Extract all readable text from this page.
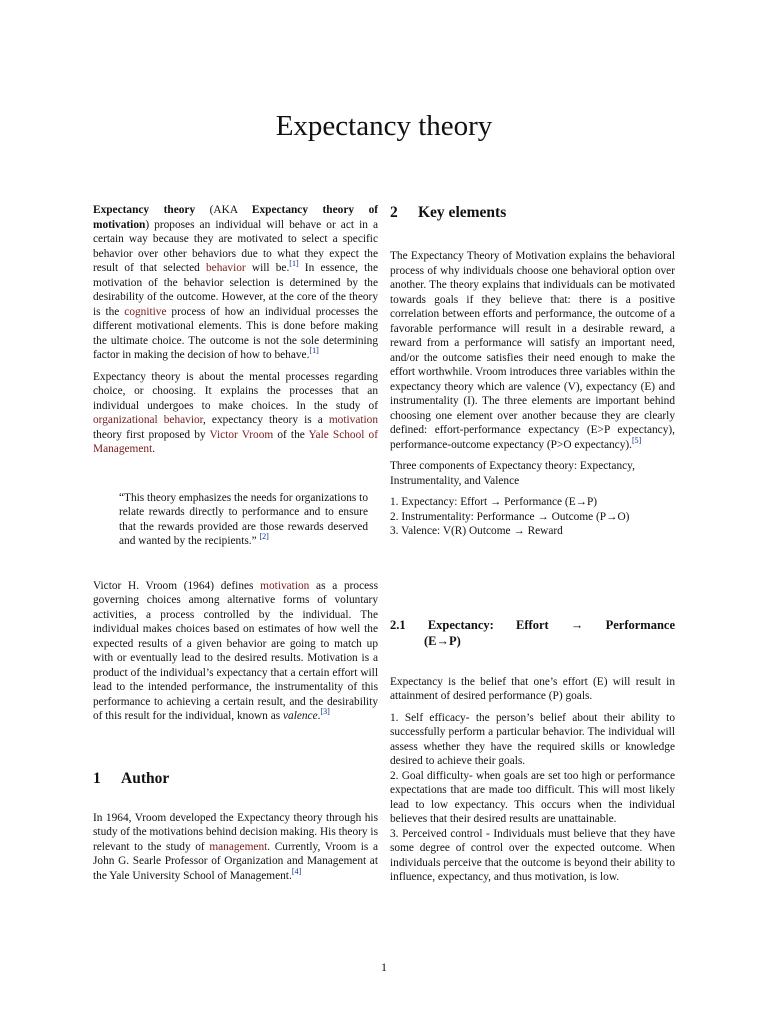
Expectancy theory

Expectancy theory (AKA Expectancy theory of motivation) proposes an individual will behave or act in a certain way because they are motivated to select a specific behavior over other behaviors due to what they expect the result of that selected behavior will be.[1] In essence, the motivation of the behavior selection is determined by the desirability of the outcome. However, at the core of the theory is the cognitive process of how an individual processes the different motivational elements. This is done before making the ultimate choice. The outcome is not the sole determining factor in making the decision of how to behave.[1]

Expectancy theory is about the mental processes regarding choice, or choosing. It explains the processes that an individual undergoes to make choices. In the study of organizational behavior, expectancy theory is a motivation theory first proposed by Victor Vroom of the Yale School of Management.

“This theory emphasizes the needs for organizations to relate rewards directly to performance and to ensure that the rewards provided are those rewards deserved and wanted by the recipients.” [2]

Victor H. Vroom (1964) defines motivation as a process governing choices among alternative forms of voluntary activities, a process controlled by the individual. The individual makes choices based on estimates of how well the expected results of a given behavior are going to match up with or eventually lead to the desired results. Motivation is a product of the individual’s expectancy that a certain effort will lead to the intended performance, the instrumentality of this performance to achieving a certain result, and the desirability of this result for the individual, known as valence.[3]

1 Author

In 1964, Vroom developed the Expectancy theory through his study of the motivations behind decision making. His theory is relevant to the study of management. Currently, Vroom is a John G. Searle Professor of Organization and Management at the Yale University School of Management.[4]

2 Key elements

The Expectancy Theory of Motivation explains the behavioral process of why individuals choose one behavioral option over another. The theory explains that individuals can be motivated towards goals if they believe that: there is a positive correlation between efforts and performance, the outcome of a favorable performance will result in a desirable reward, a reward from a performance will satisfy an important need, and/or the outcome satisfies their need enough to make the effort worthwhile. Vroom introduces three variables within the expectancy theory which are valence (V), expectancy (E) and instrumentality (I). The three elements are important behind choosing one element over another because they are clearly defined: effort-performance expectancy (E>P expectancy), performance-outcome expectancy (P>O expectancy).[5]

Three components of Expectancy theory: Expectancy, Instrumentality, and Valence

1. Expectancy: Effort → Performance (E→P)
2. Instrumentality: Performance → Outcome (P→O)
3. Valence: V(R) Outcome → Reward
2.1 Expectancy: Effort → Performance
(E→P)

Expectancy is the belief that one’s effort (E) will result in attainment of desired performance (P) goals.

1. Self efficacy- the person’s belief about their ability to successfully perform a particular behavior. The individual will assess whether they have the required skills or knowledge desired to achieve their goals.

2. Goal difficulty- when goals are set too high or performance expectations that are made too difficult. This will most likely lead to low expectancy. This occurs when the individual believes that their desired results are unattainable.

3. Perceived control - Individuals must believe that they have some degree of control over the expected outcome. When individuals perceive that the outcome is beyond their ability to influence, expectancy, and thus motivation, is low.

1
